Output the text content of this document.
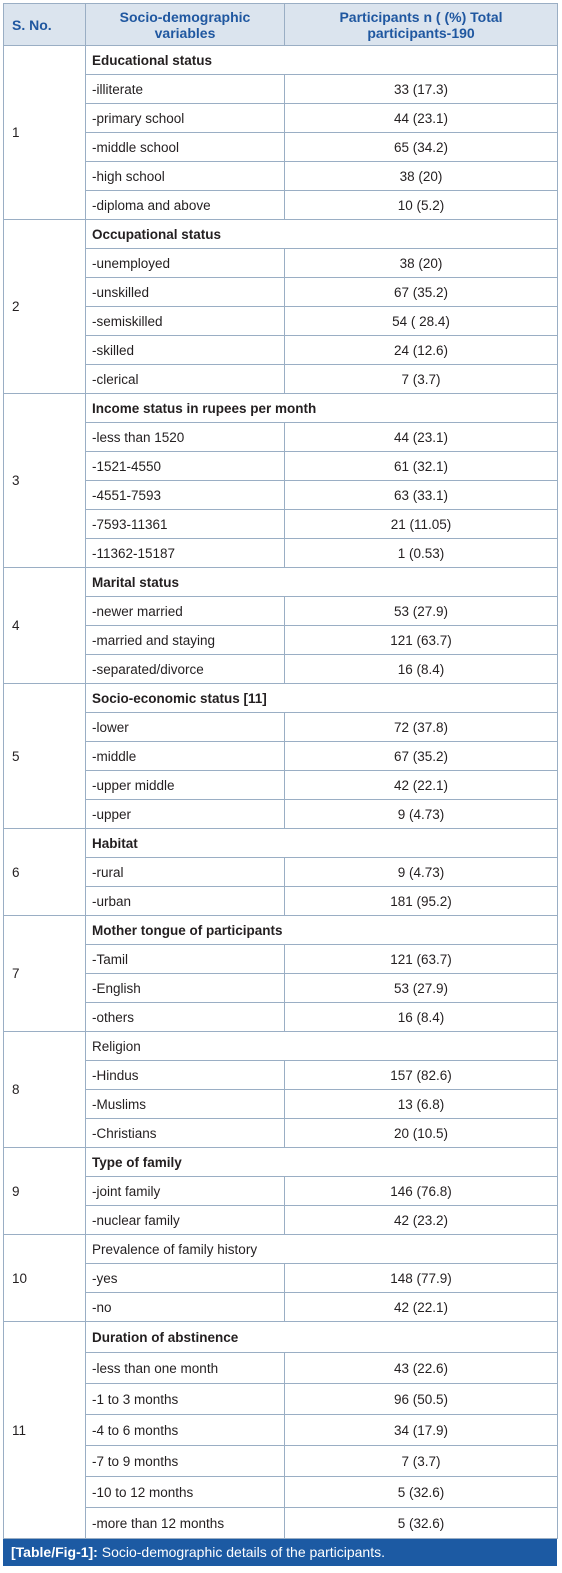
S. No.	Socio-demographic variables	Participants n ( (%) Total participants-190
1	Educational status	
	-illiterate	33 (17.3)
	-primary school	44 (23.1)
	-middle school	65 (34.2)
	-high school	38 (20)
	-diploma and above	10 (5.2)
2	Occupational status	
	-unemployed	38 (20)
	-unskilled	67 (35.2)
	-semiskilled	54 ( 28.4)
	-skilled	24 (12.6)
	-clerical	7 (3.7)
3	Income status in rupees per month	
	-less than 1520	44 (23.1)
	-1521-4550	61 (32.1)
	-4551-7593	63 (33.1)
	-7593-11361	21 (11.05)
	-11362-15187	1 (0.53)
4	Marital status	
	-newer married	53 (27.9)
	-married and staying	121 (63.7)
	-separated/divorce	16 (8.4)
5	Socio-economic status [11]	
	-lower	72 (37.8)
	-middle	67 (35.2)
	-upper middle	42 (22.1)
	-upper	9 (4.73)
6	Habitat	
	-rural	9 (4.73)
	-urban	181 (95.2)
7	Mother tongue of participants	
	-Tamil	121 (63.7)
	-English	53 (27.9)
	-others	16 (8.4)
8	Religion	
	-Hindus	157 (82.6)
	-Muslims	13 (6.8)
	-Christians	20 (10.5)
9	Type of family	
	-joint family	146 (76.8)
	-nuclear family	42 (23.2)
10	Prevalence of family history	
	-yes	148 (77.9)
	-no	42 (22.1)
11	Duration of abstinence	
	-less than one month	43 (22.6)
	-1 to 3 months	96 (50.5)
	-4 to 6 months	34 (17.9)
	-7 to 9 months	7 (3.7)
	-10 to 12 months	5 (32.6)
	-more than 12 months	5 (32.6)
[Table/Fig-1]: Socio-demographic details of the participants.
